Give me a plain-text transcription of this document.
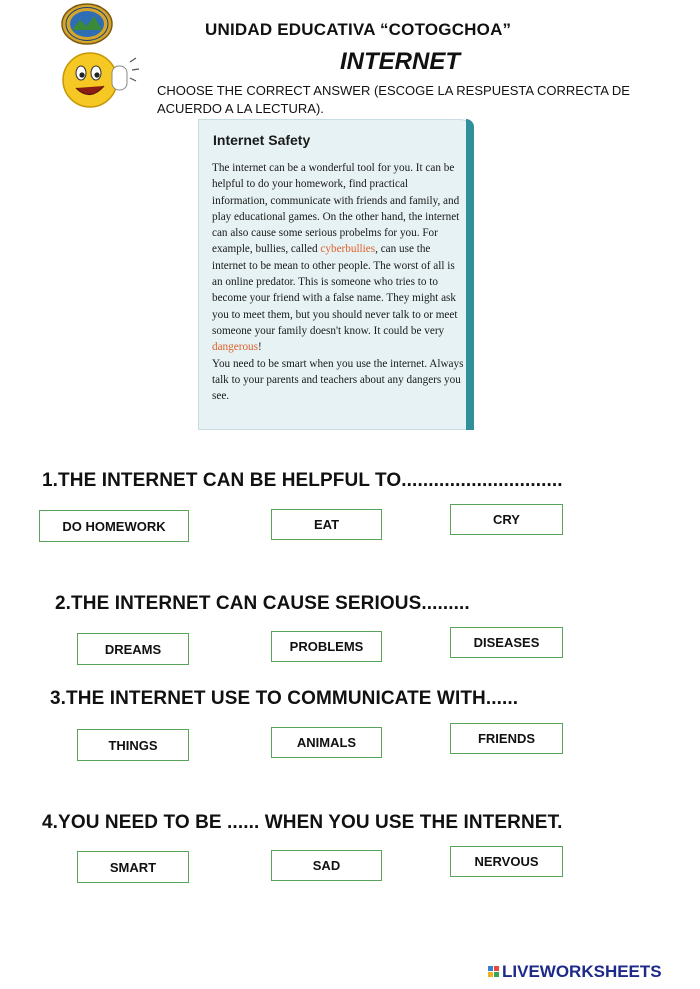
UNIDAD EDUCATIVA “COTOGCHOA”
INTERNET
CHOOSE THE CORRECT ANSWER (ESCOGE LA RESPUESTA CORRECTA DE ACUERDO A LA LECTURA).
Internet Safety
The internet can be a wonderful tool for you. It can be helpful to do your homework, find practical information, communicate with friends and family, and play educational games. On the other hand, the internet can also cause some serious probelms for you. For example, bullies, called cyberbullies, can use the internet to be mean to other people. The worst of all is an online predator. This is someone who tries to to become your friend with a false name. They might ask you to meet them, but you should never talk to or meet someone your family doesn't know. It could be very dangerous!
You need to be smart when you use the internet. Always talk to your parents and teachers about any dangers you see.
1.THE INTERNET CAN BE HELPFUL TO..............................
DO HOMEWORK	EAT	CRY
2.THE INTERNET CAN CAUSE SERIOUS.........
DREAMS	PROBLEMS	DISEASES
3.THE INTERNET USE TO COMMUNICATE WITH......
THINGS	ANIMALS	FRIENDS
4.YOU NEED TO BE ...... WHEN YOU USE THE INTERNET.
SMART	SAD	NERVOUS
LIVEWORKSHEETS
